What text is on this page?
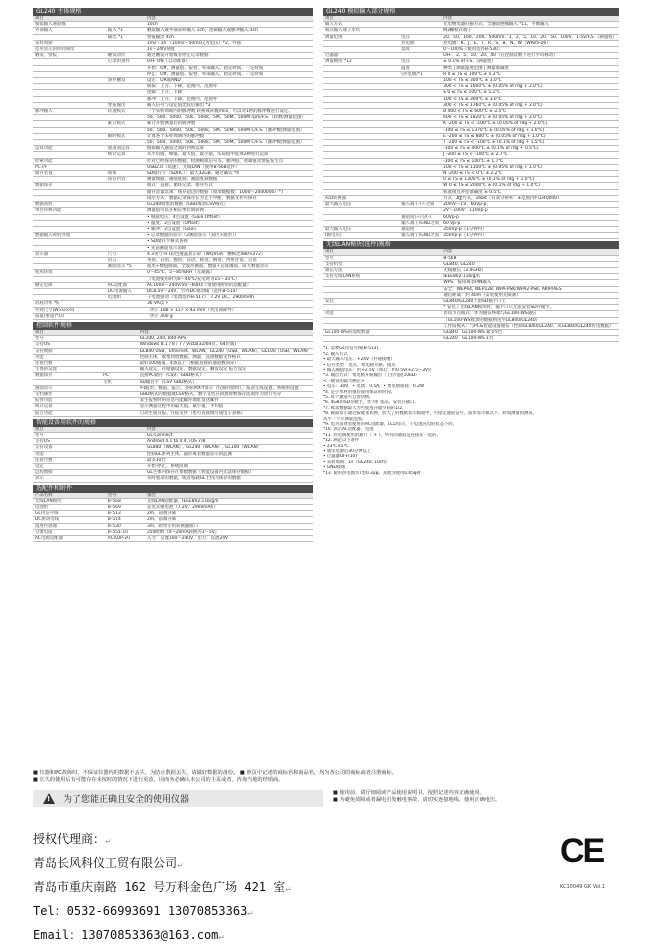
GL240 主体规格
项目		内容
模拟输入通道数		10ch
外部输入	输入 *1	触发输入或外部采样输入 1ch、逻辑输入或脉冲输入 4ch
	输出 *1	警报输出 4ch
采样周期		1ms～1h （10ms～50ms仅为电压）*2、外部
适用显示的时间刻度		1s～24h/刻度
触发、警报	触发动作	通过触发开始或者停止记录数据
	记录的条件	OFF ON（自动准备）
		开始：Off、测量值、报警、外部输入、指定时间、一定时间
		停止：Off、测量值、报警、外部输入、指定时间、一定时间
	条件触发	设定：OR或AND
		模拟：上升、下降、范围内、范围外
		逻辑：上升、下降
		脉冲：上升、下降、范围内、范围外
	警报输出	输入信号与设定值比较后输出 *3
脉冲输入	转速模式	一个采样周期内的脉冲数 转换成转数/min，可以对1秒的脉冲数进行设定。
		50、500、5000、50k、500k、5M、50M、500M rpm/F.S.（转数/测量范围）
	累计模式	累计开始测量后的脉冲数
		50、500、5000、50k、500k、5M、50M、500M C/F.S.（脉冲数/测量范围）
	瞬时模式	计算各个采样周期内的脉冲数
		50、500、5000、50k、500k、5M、50M、500M C/F.S.（脉冲数/测量范围）
运算功能	通道间运算	模拟输入通道之间的四则运算
	统计运算	从平均值、峰值、最大值、最小值、实际值中选择2种进行运算
检索功能		针对已经保存的数据，检测模拟信号等、脉冲值、逻辑值及警报发生点
PC I/F		USB2.0（高速），无线LAN（使用B-568选件）
储存装置	媒体	SD储存卡（SDHC）：最大32GB，通过确认 *4
	保存内容	测量数据、画面复制、画面复制数据
数据保存		模式：直接、循环记录、排序方式
		储存容量选项：保存超过的数据（收录数据数：1000～2000000）*7
		排序方式：数据记录保存在为止不中断，数据文件可保存
数据回放		GL240收集的数据（GBD或者CSV格式）
单位转换功能		测量值可以在相应单位间转换
		• 模拟电压：4点设置（Gain Offset）
		• 温度：2点设置（Offset）
		• 脉冲：2点设置（Gain）
数据输入时的处理		• 记录数据的显示（2画面显示（双区+波形））
		• SD储存卡格式查看
		• 先前画面显示消除
显示器	尺寸	4.3英寸TFT彩色液晶显示屏（WQVGA：横纵比480×272）
	语言	英语、日语、德语、汉语、韩语、俄语、西班牙语、日语
	画面显示 *5	波形+数值画面、全波形画面、数值+运算画面、简大数值显示
使用环境		0～45℃，5～85%RH（无凝露）
		（电池使用时为0～40℃/充电时为15～35℃）
额定电源	AC适配器	AC100V～240V/50～60Hz（请使用附带的适配器）
	DC电源输入	DC8.5V～24V，另外DC驱动线（选件B-514）
	电池组	干电池驱动（电池选件B-517）：7.2V DC、2900mAh
消耗功率 *6		36 VA以下
外观尺寸(W×D×H)		（约）188 × 117 × 42 mm（突出部除外）
质量(重量)*10		（约）300 g
控制软件规格
项目		内容
型号		GL100, 240, 840-APS
支持OS		Windows 8.1 / 8 / 7 / Vista(32/64位、64位版)
支持数据		GL840 USB、Ethernet、WLAN，GL240（USB、WLAN），GL100（USB、WLAN）
功能		控制主体，收集回放数据、测量、直接数据文件格式
连接台数		最好100通道、4条以上（根据连接的通道数而异）
主体的设置		输入设定、存储器设定、数据设定、触发设定 报告设定
数据保存	PC	直接PC储存（CSV、GBD格式）
	主机	SD储存卡（CSV GBD格式）
画面显示		Y-t波形、数值、报告、多标例X-Y显示（仅限回放时），报表生成设置、系统的设置
文档操作		GBD格式的数据或CSV格式，数字文档在回放时被保存选项作为进行另存
报警功能		发生报警时的信息可能邮件地址发送邮件
统计运算		显示测量过程中的最大值、最小值、平均值
报告功能		自动生成日报、月报文件（也可直接填写成电子表格）
智能设备用软件的规格
项目		内容
型号		GL-Connect
支持OS		Android 4.1 to 4.4, iOS 7/8
支持设备		GL840（WLAN）, GL240（WLAN）, GL100（WLAN）
功能		控制GL系列主体，波形或者数值显示的监测
连接台数		最多10台
设定		开始·停止，系统同期
远程数据		GL主体内保存在参数数据（智能设备内无法保存数据）
显示		实时收录的数据，或者加载GL主机内保存的数据
选配件和附件
产品名称	型号	备注
无线LAN模块	B-568	无线LAN适配器、IEEE802.11b/g/n
电池组	B-569	充电式锂电池（7.2V、2900mAh）
GL用信号线	B-513	2m、前端分离
DC驱动电线	B-514	2m、前端分离
湿度传感器	B-530	3m，附带专用转换器接口
分流电阻	B-551-10	250欧姆（4～20mA转换为1～5V）
AC电源适配器	ACADP-20	入力：交流100～240V，出力：直流24V
GL240 模拟输入部分规格
项目		内容
输入方式		光电继电器扫描方式，全通道绝缘输入 *11，平衡输入
模式输入端子形状		M3螺栓式端子
测量范围	电压	20、50、100、200、500mV、1、2、5、10、20、50、100V、1-5V/F.S.（满量程）
	热电偶	热电偶：K、J、E、T、R、S、B、N、W（WRe5-26）
	湿度	0～100%（使用选件B-530）
过滤器		OFF、2、5、10、20、40（在控制次数下进行平均移动）
测量精度 *12	电压	± 0.1% of F.S.（满量程）
	温度	种类 | 测量温度范围 | 测量准确度
	(热电偶)*1	R 0 ≤ TS ≤ 100℃ ± 5.2℃
		100 < TS ≤ 300℃ ± 3.0℃
		300 < TS ≤ 1600℃ ± (0.05% of rdg + 2.0℃)
		S 0 ≤ TS ≤ 100℃ ± 5.2℃
		100 < TS ≤ 300℃ ± 3.0℃
		300 < TS ≤ 1760℃ ± (0.05% of rdg + 2.0℃)
		B 400 < TS ≤ 600℃ ± 3.5℃
		600 < TS ≤ 1820℃ ± (0.05% of rdg + 2.0℃)
		K -200 ≤ TS < -100℃ ± (0.05% of rdg + 2.0℃)
		-100 ≤ TS ≤ 1370℃ ± (0.05% of rdg + 1.0℃)
		E -200 ≤ TS ≤ 800℃ ± (0.05% of rdg + 1.0℃)
		T -200 ≤ TS < -100℃ ± (0.1% of rdg + 1.5℃)
		-100 ≤ TS ≤ 400℃ ± (0.1% of rdg + 0.5℃)
		J -200 ≤ TS < -100℃ ± 2.7℃
		-100 ≤ TS ≤ 100℃ ± 1.7℃
		100 < TS ≤ 1100℃ ± (0.05% of rdg + 1.0℃)
		N -200 ≤ TS < 0℃ ± 2.2℃
		0 ≤ TS ≤ 1300℃ ± (0.1% of rdg + 1.0℃)
		W 0 ≤ TS ≤ 2000℃ ± (0.1% of rdg + 1.0℃)
		标准接点补偿准确度 ± 0.5℃
A/D转换器		方式：Δ∑方式，16bit（有效分辨率：±范围内约1/40000）
最大输入电压	输入端子+/-之间	20mV～1V：60Vp-p、
		2V～100V：110Vp-p
	通道间(+/-)/(-)	60Vp-p
	输入端子/GND之间	60 Vp-p
最大输入电压	通道间	350Vp-p（1分钟内）
(耐电压)	输入端子/GND之间	350Vp-p（1分钟内）
无线LAN模块(选件)规格
项目		内容
型号		B-568
支持机型		GL840, GL240
通信方法		无线通信（2.4GHz）
支持无线LAN系统		IEEE802.11b/g/n
		WPS：按钮或者PIN输入
		安全：WEP64, WEP128, WPA-PSK/WPA2-PSK, AKIP/AES
		通信距离：约 40m（安装使用无限制）
安装		GL840/GL240上的SD插卡口上
		* 安装了无线LAN模块时，插卡口只无法安装SD存储卡。
功能		访问节点模式：作为通信终端与GL100-WS通信
		（GL100-WS收录的数据则送至GL840/GL240）
		工作站模式：与PC&智能设备通信（控制GL840/GL240，从GL840/GL240传送数据）
GL100-WS的适配数量		GL840：GL100-WS 最多5台
		GL240：GL100-WS 1台
*1. 需要GL用信号线(B-513)。
*2. 输入方式
• 最大输入电压：+24V（共通接地）
• 信号类型：电压、集电极开路，接点
• 输入阈值电压：约+2.5V（滞后：约0.5V(+2.5～3V)）
*3. 输出方式：集电极开路输出（上拉电阻10kΩ）
<三级管的最大额定>
• 电压：30V，• 电流：0.5A，• 集电极损耗：0.2W
*4. 是小木村的推荐使用保证的时间。
*5. 每个通道可自由切换。
*6. 4GB的SD存储卡，作为扩张品，安装在插口。
*7. 收录数据最大为可使用存储空间的1/2。
*8. 画面显示通过按键来切换，放大了的数据显示画面中，可指定通道信号，波形显示模式下，时间测量的测试。
从平一个示测量范围。
*9. 电为消费者使用的AC适配器，LCD显示，干电池充电的状态下的。
*10. 表示AC适配器，电池
*11. 热电偶使用的通行（ + ），所有的通道是连接在一起的。
*12. 满足以下条件
• 23℃±5℃
• 通电电源后30分钟以上
• 过滤器OFF(10)
• 采样周期：1s（GL240: 10ch)
• GND接地
*13. 使用热电偶为T型0.32φ，其他为使用0.65φ时
■ 仪器和PC故障时，不保证仪器内的数据不丢失。为防止数据丢失，请做好数据的备份。 ■ 照页中记述的商标名和商品名，均为各公司的商标或者注册商标。
■ 长久的使用后有可能存在未按时的情况下进行更改，因而务必确认本公司的主页或者，咨询当地的经销商。
! 为了您能正确且安全的使用仪器
■ 使用前，请仔细阅读产品使用说明书，按照记述内容正确使用。
■ 为避免故障或者漏电引发触电事故，请切实连接地线，使用正确电压。
授权代理商：↵
青岛长风科仪工贸有限公司↵
青岛市重庆南路 162 号万科金色广场 421 室↵
Tel：0532-66993691 13070853363↵
Email：13070853363@163.com↵
CE
KC10049 GK Vol.1
